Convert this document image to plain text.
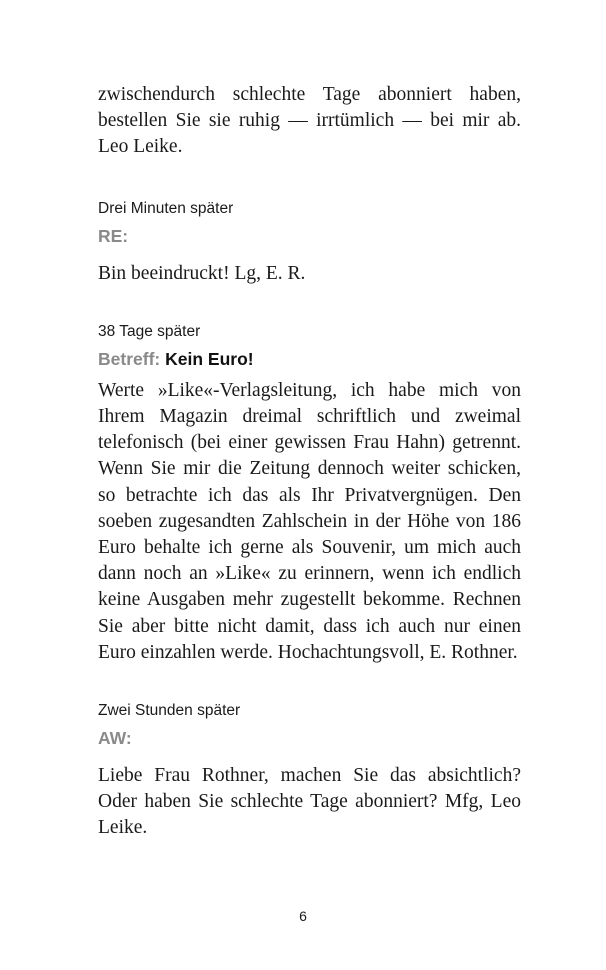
zwischendurch schlechte Tage abonniert haben, bestellen Sie sie ruhig — irrtümlich — bei mir ab. Leo Leike.

Drei Minuten später

RE:

Bin beeindruckt! Lg, E. R.

38 Tage später

Betreff: Kein Euro!

Werte »Like«-Verlagsleitung, ich habe mich von Ihrem Magazin dreimal schriftlich und zweimal telefonisch (bei einer gewissen Frau Hahn) getrennt. Wenn Sie mir die Zeitung dennoch weiter schicken, so betrachte ich das als Ihr Privatvergnügen. Den soeben zugesandten Zahlschein in der Höhe von 186 Euro behalte ich gerne als Souvenir, um mich auch dann noch an »Like« zu erinnern, wenn ich endlich keine Ausgaben mehr zugestellt bekomme. Rechnen Sie aber bitte nicht damit, dass ich auch nur einen Euro einzahlen werde. Hochachtungsvoll, E. Rothner.

Zwei Stunden später

AW:

Liebe Frau Rothner, machen Sie das absichtlich? Oder haben Sie schlechte Tage abonniert? Mfg, Leo Leike.

6
